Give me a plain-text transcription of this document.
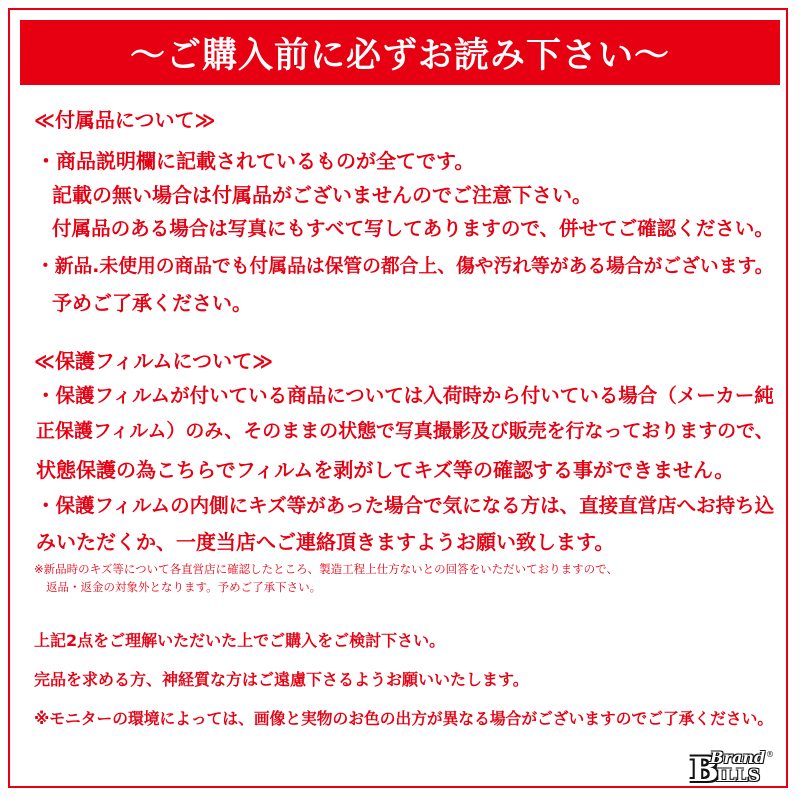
〜ご購入前に必ずお読み下さい〜
≪付属品について≫
・商品説明欄に記載されているものが全てです。
記載の無い場合は付属品がございませんのでご注意下さい。
付属品のある場合は写真にもすべて写してありますので、併せてご確認ください。
・新品.未使用の商品でも付属品は保管の都合上、傷や汚れ等がある場合がございます。
予めご了承ください。
≪保護フィルムについて≫
・保護フィルムが付いている商品については入荷時から付いている場合（メーカー純
正保護フィルム）のみ、そのままの状態で写真撮影及び販売を行なっておりますので、
状態保護の為こちらでフィルムを剥がしてキズ等の確認する事ができません。
・保護フィルムの内側にキズ等があった場合で気になる方は、直接直営店へお持ち込
みいただくか、一度当店へご連絡頂きますようお願い致します。
※新品時のキズ等について各直営店に確認したところ、製造工程上仕方ないとの回答をいただいておりますので、
返品・返金の対象外となります。予めご了承下さい。
上記2点をご理解いただいた上でご購入をご検討下さい。
完品を求める方、神経質な方はご遠慮下さるようお願いいたします。
※モニターの環境によっては、画像と実物のお色の出方が異なる場合がございますのでご了承ください。
B
Brand
ILLS
®
